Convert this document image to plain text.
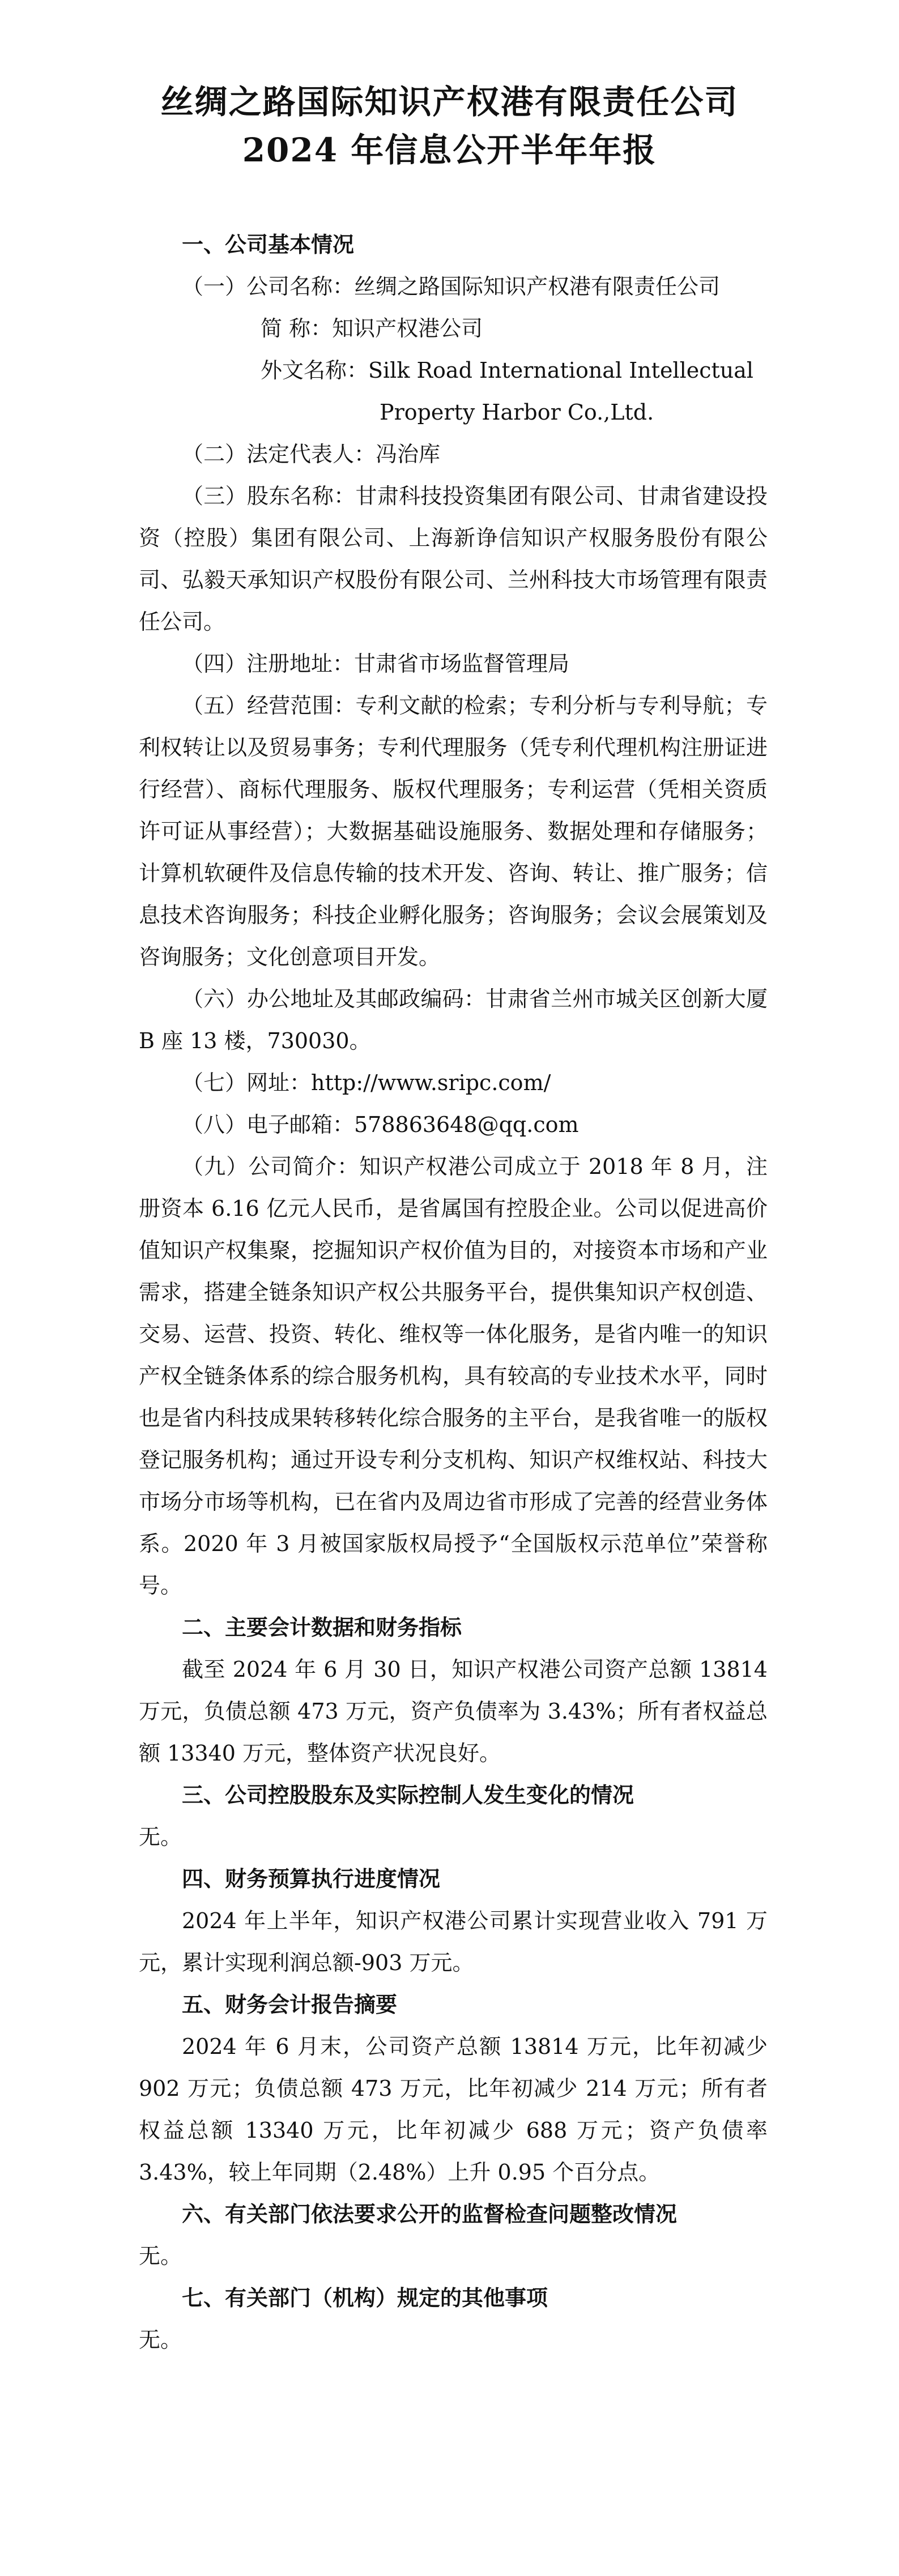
丝绸之路国际知识产权港有限责任公司
2024 年信息公开半年年报

一、公司基本情况

（一）公司名称：丝绸之路国际知识产权港有限责任公司

简 称：知识产权港公司

外文名称：Silk Road International Intellectual

Property Harbor Co.,Ltd.

（二）法定代表人：冯治库

（三）股东名称：甘肃科技投资集团有限公司、甘肃省建设投资（控股）集团有限公司、上海新诤信知识产权服务股份有限公司、弘毅天承知识产权股份有限公司、兰州科技大市场管理有限责任公司。

（四）注册地址：甘肃省市场监督管理局

（五）经营范围：专利文献的检索；专利分析与专利导航；专利权转让以及贸易事务；专利代理服务（凭专利代理机构注册证进行经营）、商标代理服务、版权代理服务；专利运营（凭相关资质许可证从事经营）；大数据基础设施服务、数据处理和存储服务；计算机软硬件及信息传输的技术开发、咨询、转让、推广服务；信息技术咨询服务；科技企业孵化服务；咨询服务；会议会展策划及咨询服务；文化创意项目开发。

（六）办公地址及其邮政编码：甘肃省兰州市城关区创新大厦 B 座 13 楼，730030。

（七）网址：http://www.sripc.com/

（八）电子邮箱：578863648@qq.com

（九）公司简介：知识产权港公司成立于 2018 年 8 月，注册资本 6.16 亿元人民币，是省属国有控股企业。公司以促进高价值知识产权集聚，挖掘知识产权价值为目的，对接资本市场和产业需求，搭建全链条知识产权公共服务平台，提供集知识产权创造、交易、运营、投资、转化、维权等一体化服务，是省内唯一的知识产权全链条体系的综合服务机构，具有较高的专业技术水平，同时也是省内科技成果转移转化综合服务的主平台，是我省唯一的版权登记服务机构；通过开设专利分支机构、知识产权维权站、科技大市场分市场等机构，已在省内及周边省市形成了完善的经营业务体系。2020 年 3 月被国家版权局授予“全国版权示范单位”荣誉称号。

二、主要会计数据和财务指标

截至 2024 年 6 月 30 日，知识产权港公司资产总额 13814 万元，负债总额 473 万元，资产负债率为 3.43%；所有者权益总额 13340 万元，整体资产状况良好。

三、公司控股股东及实际控制人发生变化的情况

无。

四、财务预算执行进度情况

2024 年上半年，知识产权港公司累计实现营业收入 791 万元，累计实现利润总额-903 万元。

五、财务会计报告摘要

2024 年 6 月末，公司资产总额 13814 万元，比年初减少 902 万元；负债总额 473 万元，比年初减少 214 万元；所有者权益总额 13340 万元，比年初减少 688 万元；资产负债率 3.43%，较上年同期（2.48%）上升 0.95 个百分点。

六、有关部门依法要求公开的监督检查问题整改情况

无。

七、有关部门（机构）规定的其他事项

无。
